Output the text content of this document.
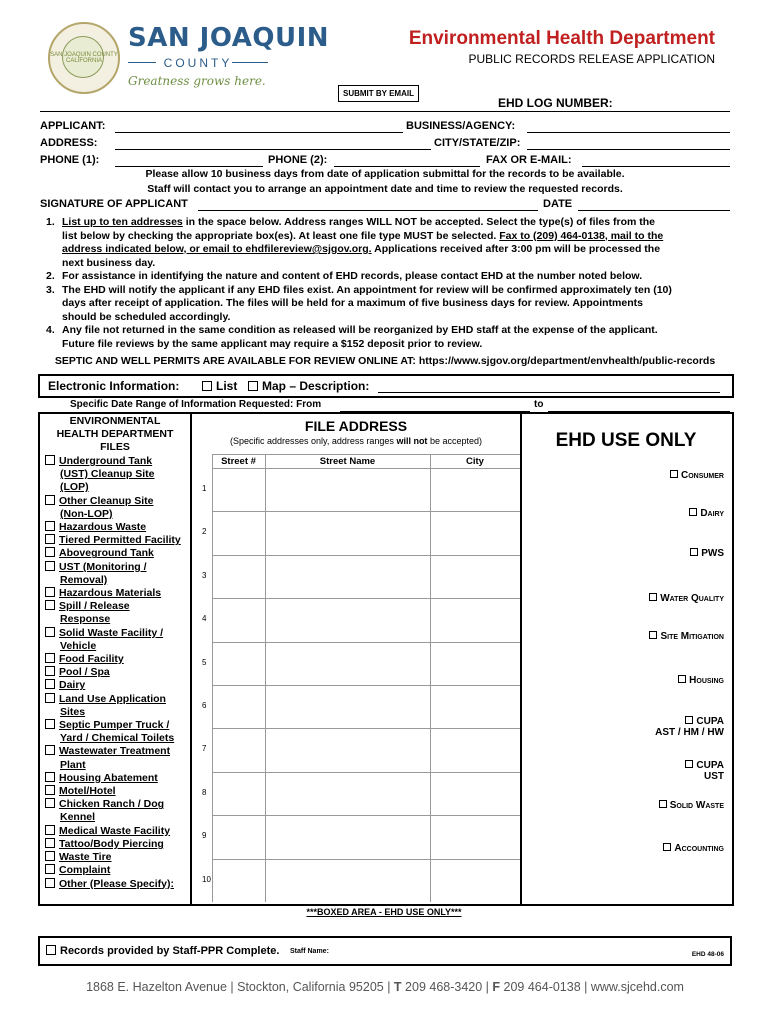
SAN JOAQUIN COUNTY CALIFORNIA
SAN JOAQUIN
COUNTY
Greatness grows here.
Environmental Health Department
PUBLIC RECORDS RELEASE APPLICATION
SUBMIT BY EMAIL
EHD LOG NUMBER:
APPLICANT:	BUSINESS/AGENCY:
ADDRESS:	CITY/STATE/ZIP:
PHONE (1):	PHONE (2):	FAX OR E-MAIL:
Please allow 10 business days from date of application submittal for the records to be available.
Staff will contact you to arrange an appointment date and time to review the requested records.
SIGNATURE OF APPLICANT	DATE
1. List up to ten addresses in the space below. Address ranges WILL NOT be accepted. Select the type(s) of files from the
list below by checking the appropriate box(es). At least one file type MUST be selected. Fax to (209) 464-0138, mail to the
address indicated below, or email to ehdfilereview@sjgov.org. Applications received after 3:00 pm will be processed the
next business day.
2. For assistance in identifying the nature and content of EHD records, please contact EHD at the number noted below.
3. The EHD will notify the applicant if any EHD files exist. An appointment for review will be confirmed approximately ten (10)
days after receipt of application. The files will be held for a maximum of five business days for review. Appointments
should be scheduled accordingly.
4. Any file not returned in the same condition as released will be reorganized by EHD staff at the expense of the applicant.
Future file reviews by the same applicant may require a $152 deposit prior to review.
SEPTIC AND WELL PERMITS ARE AVAILABLE FOR REVIEW ONLINE AT: https://www.sjgov.org/department/envhealth/public-records
Electronic Information:	List	Map – Description:
Specific Date Range of Information Requested: From	to
ENVIRONMENTAL
HEALTH DEPARTMENT
FILES
Underground Tank
(UST) Cleanup Site
(LOP)
Other Cleanup Site
(Non-LOP)
Hazardous Waste
Tiered Permitted Facility
Aboveground Tank
UST (Monitoring /
Removal)
Hazardous Materials
Spill / Release
Response
Solid Waste Facility /
Vehicle
Food Facility
Pool / Spa
Dairy
Land Use Application
Sites
Septic Pumper Truck /
Yard / Chemical Toilets
Wastewater Treatment
Plant
Housing Abatement
Motel/Hotel
Chicken Ranch / Dog
Kennel
Medical Waste Facility
Tattoo/Body Piercing
Waste Tire
Complaint
Other (Please Specify):
FILE ADDRESS
(Specific addresses only, address ranges will not be accepted)
Street #	Street Name	City
1
2
3
4
5
6
7
8
9
10
EHD USE ONLY
Consumer
Dairy
PWS
Water Quality
Site Mitigation
Housing
CUPA
AST / HM / HW
CUPA
UST
Solid Waste
Accounting
***BOXED AREA - EHD USE ONLY***
Records provided by Staff-PPR Complete. Staff Name:	EHD 48-06
1868 E. Hazelton Avenue | Stockton, California 95205 | T 209 468-3420 | F 209 464-0138 | www.sjcehd.com
